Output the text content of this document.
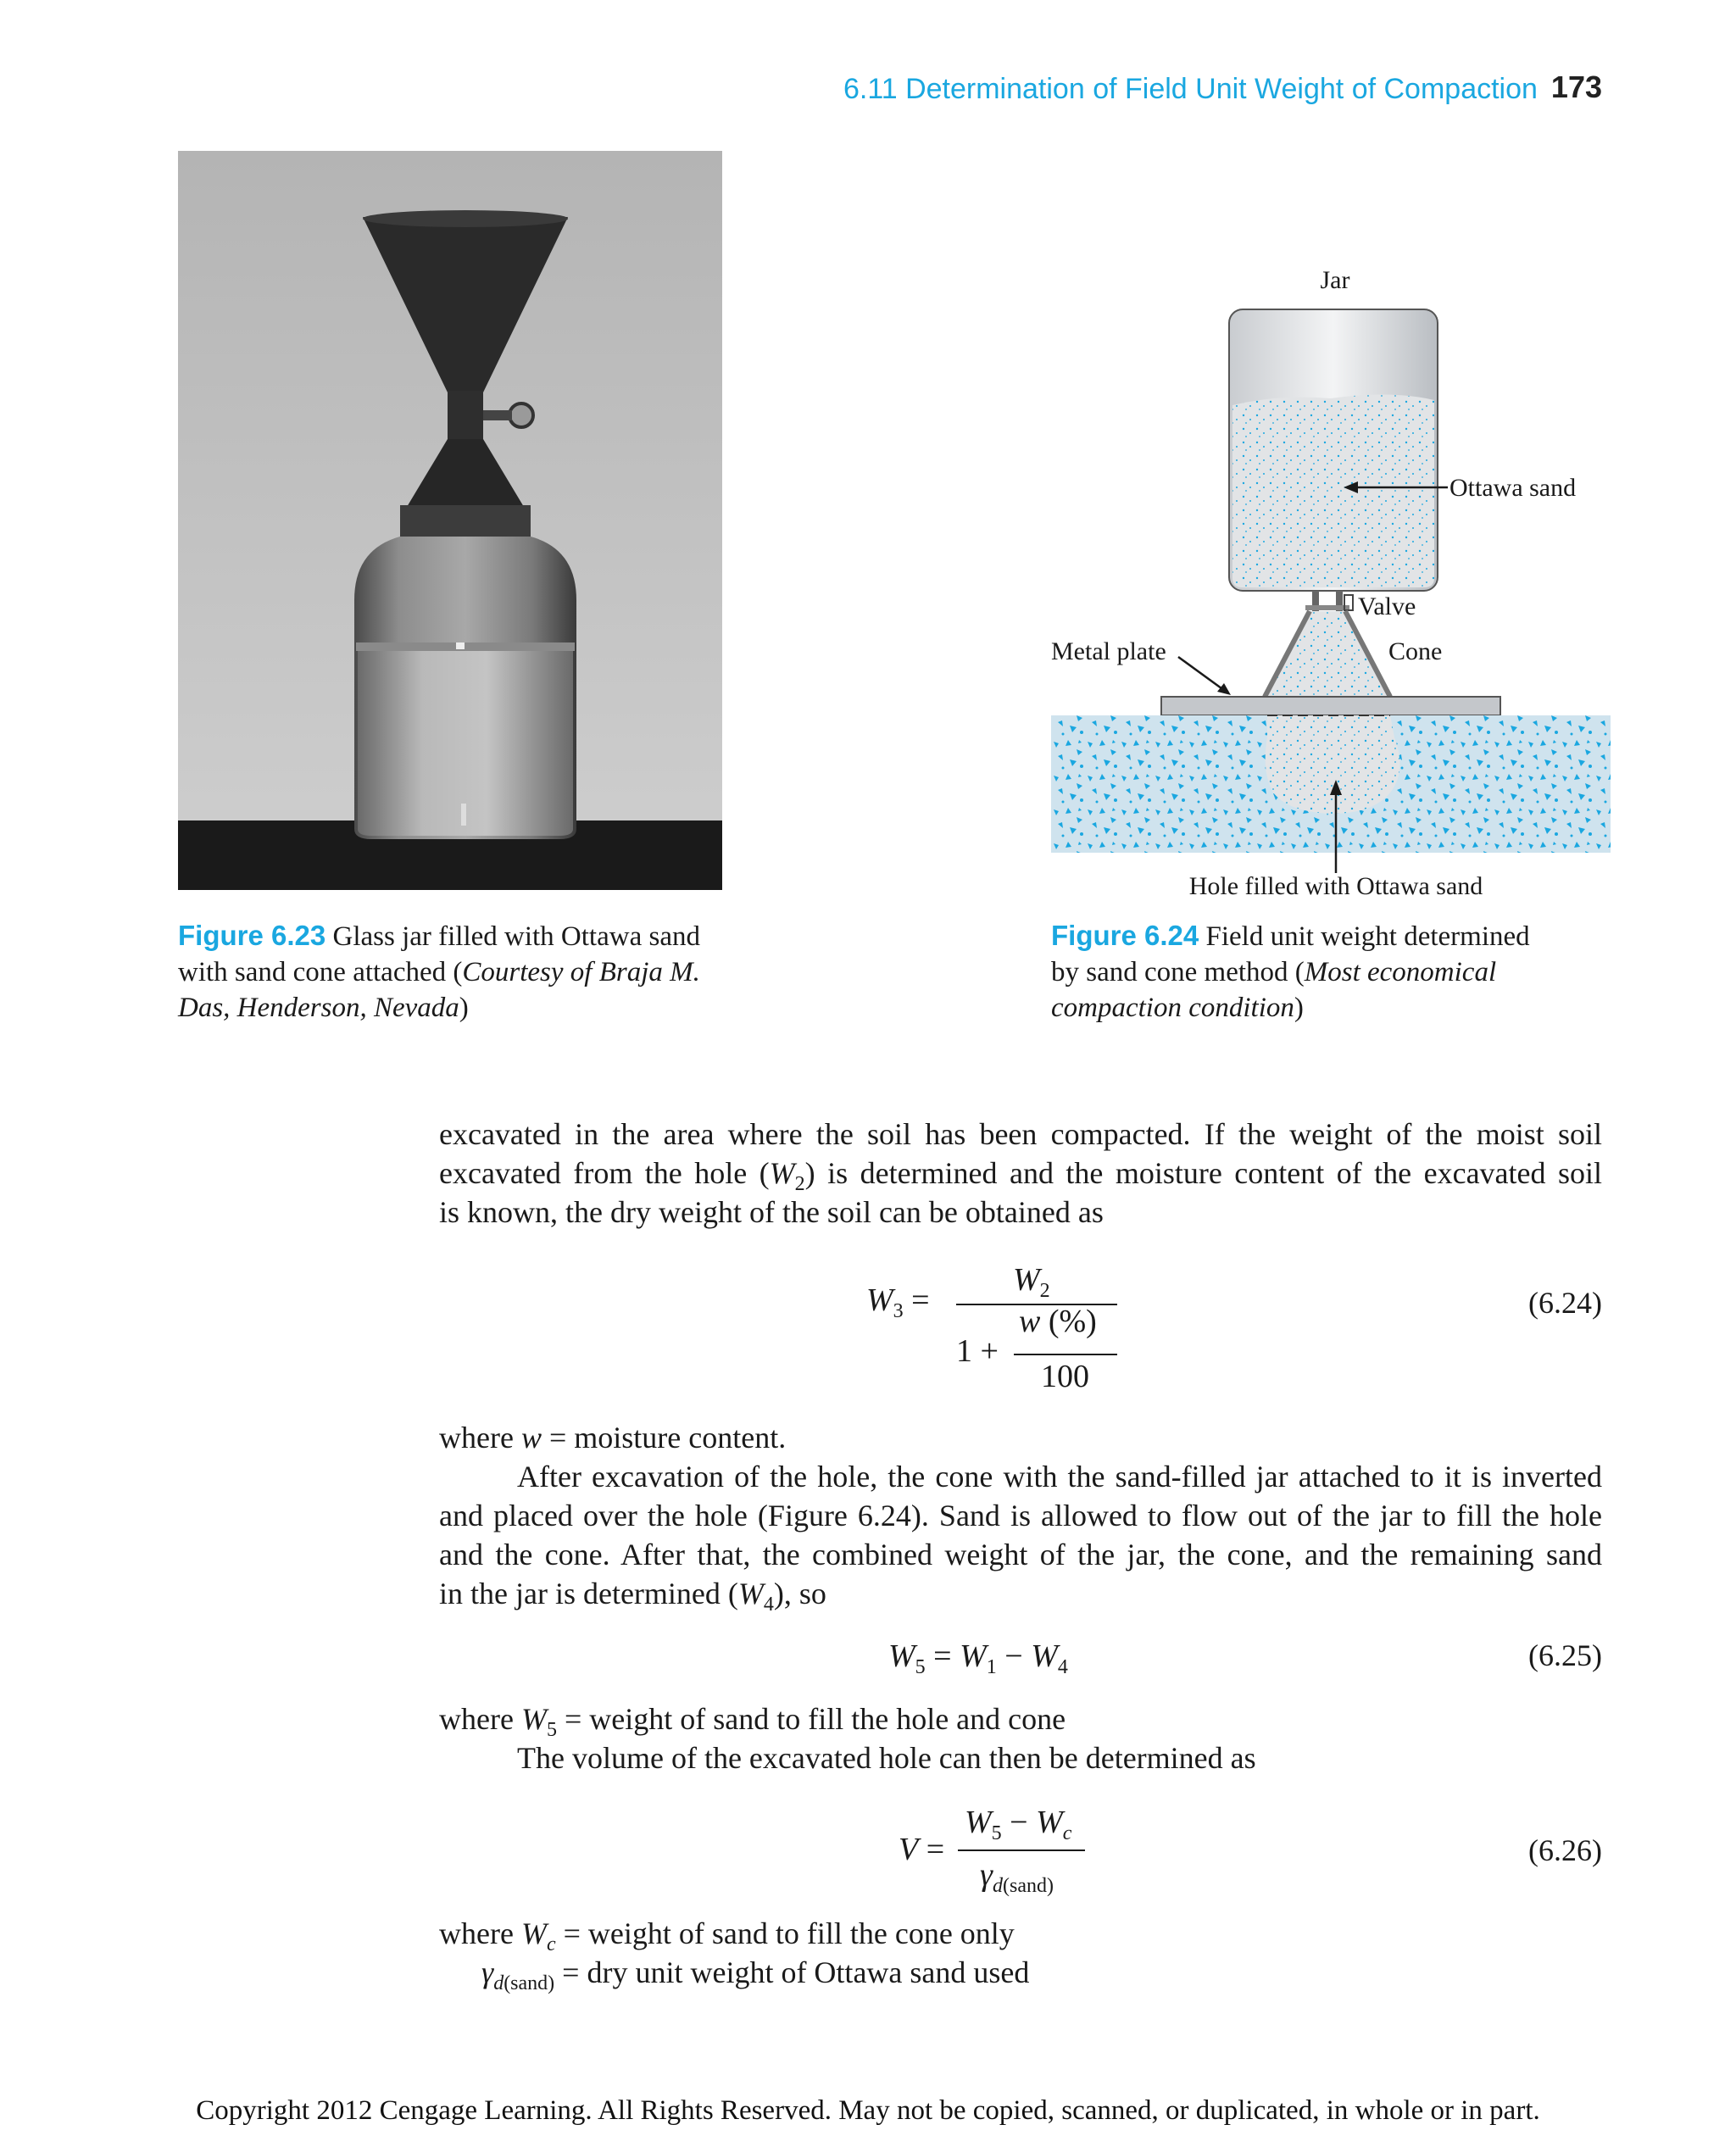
6.11 Determination of Field Unit Weight of Compaction 173
Jar
Ottawa sand
Valve
Cone
Metal plate
Hole filled with Ottawa sand
Figure 6.23 Glass jar filled with Ottawa sand
with sand cone attached (Courtesy of Braja M.
Das, Henderson, Nevada)
Figure 6.24 Field unit weight determined
by sand cone method (Most economical
compaction condition)
excavated in the area where the soil has been compacted. If the weight of the moist soil
excavated from the hole $(W_2)$ is determined and the moisture content of the excavated soil
is known, the dry weight of the soil can be obtained as
$W_3$ =
$W_2$
1 +
w (%)
100
(6.24)
where w = moisture content.
After excavation of the hole, the cone with the sand-filled jar attached to it is inverted
and placed over the hole (Figure 6.24). Sand is allowed to flow out of the jar to fill the hole
and the cone. After that, the combined weight of the jar, the cone, and the remaining sand
in the jar is determined $(W_4)$, so
$W_5 = W_1 - W_4$	(6.25)
where $W_5$ = weight of sand to fill the hole and cone
The volume of the excavated hole can then be determined as
V =
$W_5 - W_c$
$\gamma_{d(sand)}$
(6.26)
where $W_c$ = weight of sand to fill the cone only
$\gamma_{d(sand)}$ = dry unit weight of Ottawa sand used
Copyright 2012 Cengage Learning. All Rights Reserved. May not be copied, scanned, or duplicated, in whole or in part.
